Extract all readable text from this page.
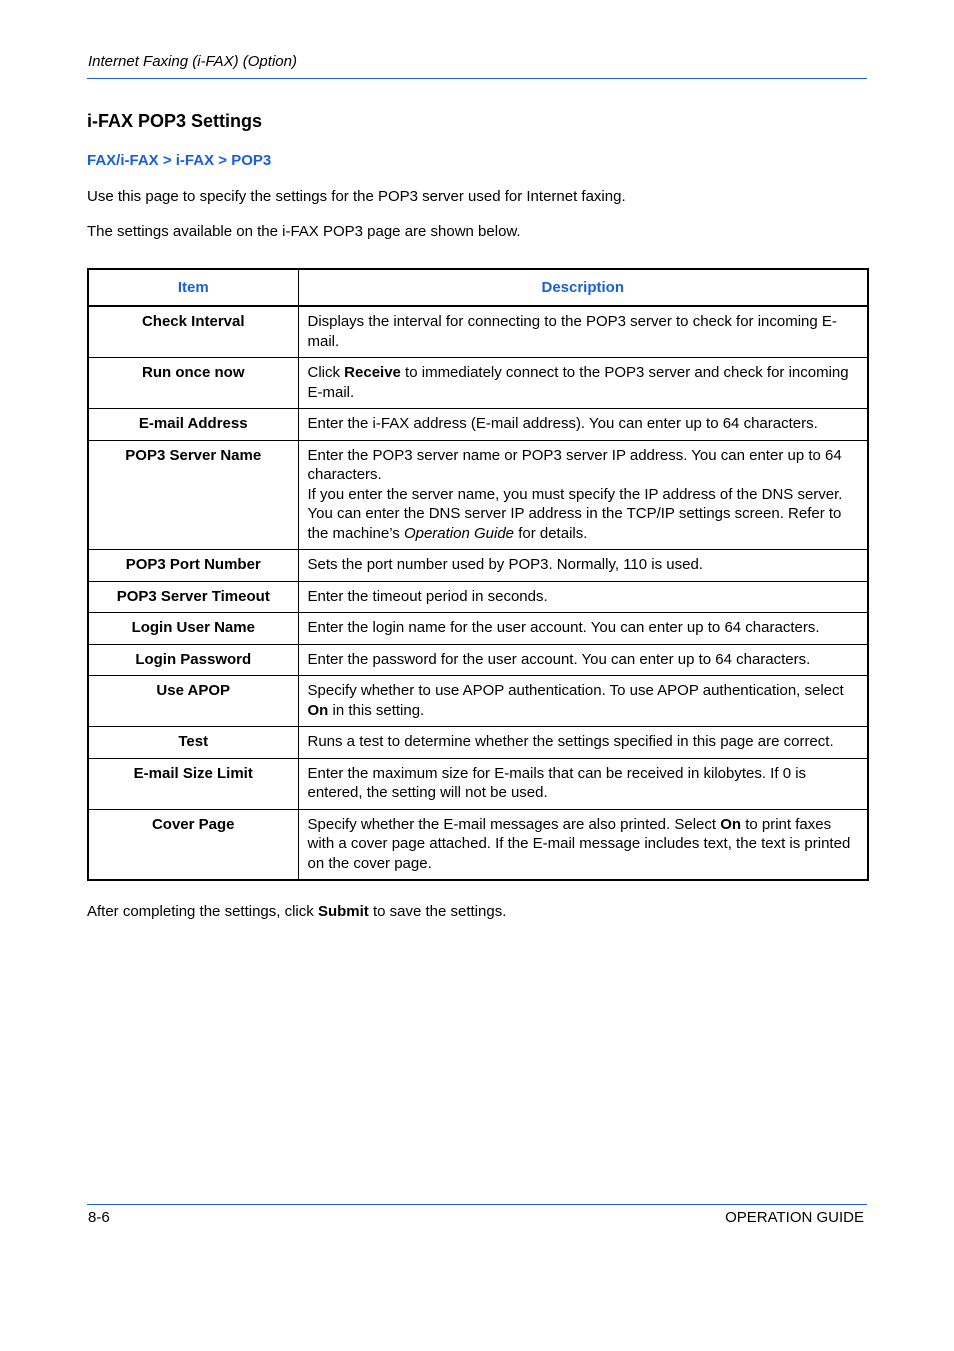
Internet Faxing (i-FAX) (Option)
i-FAX POP3 Settings
FAX/i-FAX > i-FAX > POP3
Use this page to specify the settings for the POP3 server used for Internet faxing.
The settings available on the i-FAX POP3 page are shown below.
Item	Description
Check Interval	Displays the interval for connecting to the POP3 server to check for incoming E-mail.
Run once now	Click Receive to immediately connect to the POP3 server and check for incoming E-mail.
E-mail Address	Enter the i-FAX address (E-mail address). You can enter up to 64 characters.
POP3 Server Name	Enter the POP3 server name or POP3 server IP address. You can enter up to 64 characters.
If you enter the server name, you must specify the IP address of the DNS server. You can enter the DNS server IP address in the TCP/IP settings screen. Refer to the machine’s Operation Guide for details.
POP3 Port Number	Sets the port number used by POP3. Normally, 110 is used.
POP3 Server Timeout	Enter the timeout period in seconds.
Login User Name	Enter the login name for the user account. You can enter up to 64 characters.
Login Password	Enter the password for the user account. You can enter up to 64 characters.
Use APOP	Specify whether to use APOP authentication. To use APOP authentication, select On in this setting.
Test	Runs a test to determine whether the settings specified in this page are correct.
E-mail Size Limit	Enter the maximum size for E-mails that can be received in kilobytes. If 0 is entered, the setting will not be used.
Cover Page	Specify whether the E-mail messages are also printed. Select On to print faxes with a cover page attached. If the E-mail message includes text, the text is printed on the cover page.
After completing the settings, click Submit to save the settings.
8-6	OPERATION GUIDE
